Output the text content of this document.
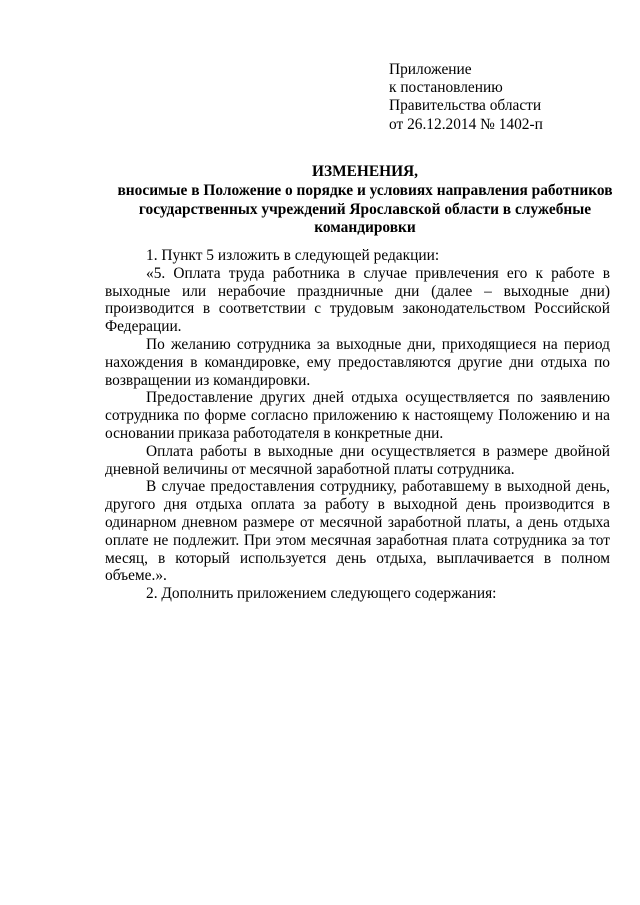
Приложение
к постановлению
Правительства области
от 26.12.2014 № 1402-п
ИЗМЕНЕНИЯ,
вносимые в Положение о порядке и условиях направления работников государственных учреждений Ярославской области в служебные командировки

1. Пункт 5 изложить в следующей редакции:

«5. Оплата труда работника в случае привлечения его к работе в выходные или нерабочие праздничные дни (далее – выходные дни) производится в соответствии с трудовым законодательством Российской Федерации.

По желанию сотрудника за выходные дни, приходящиеся на период нахождения в командировке, ему предоставляются другие дни отдыха по возвращении из командировки.

Предоставление других дней отдыха осуществляется по заявлению сотрудника по форме согласно приложению к настоящему Положению и на основании приказа работодателя в конкретные дни.

Оплата работы в выходные дни осуществляется в размере двойной дневной величины от месячной заработной платы сотрудника.

В случае предоставления сотруднику, работавшему в выходной день, другого дня отдыха оплата за работу в выходной день производится в одинарном дневном размере от месячной заработной платы, а день отдыха оплате не подлежит. При этом месячная заработная плата сотрудника за тот месяц, в который используется день отдыха, выплачивается в полном объеме.».

2. Дополнить приложением следующего содержания:
